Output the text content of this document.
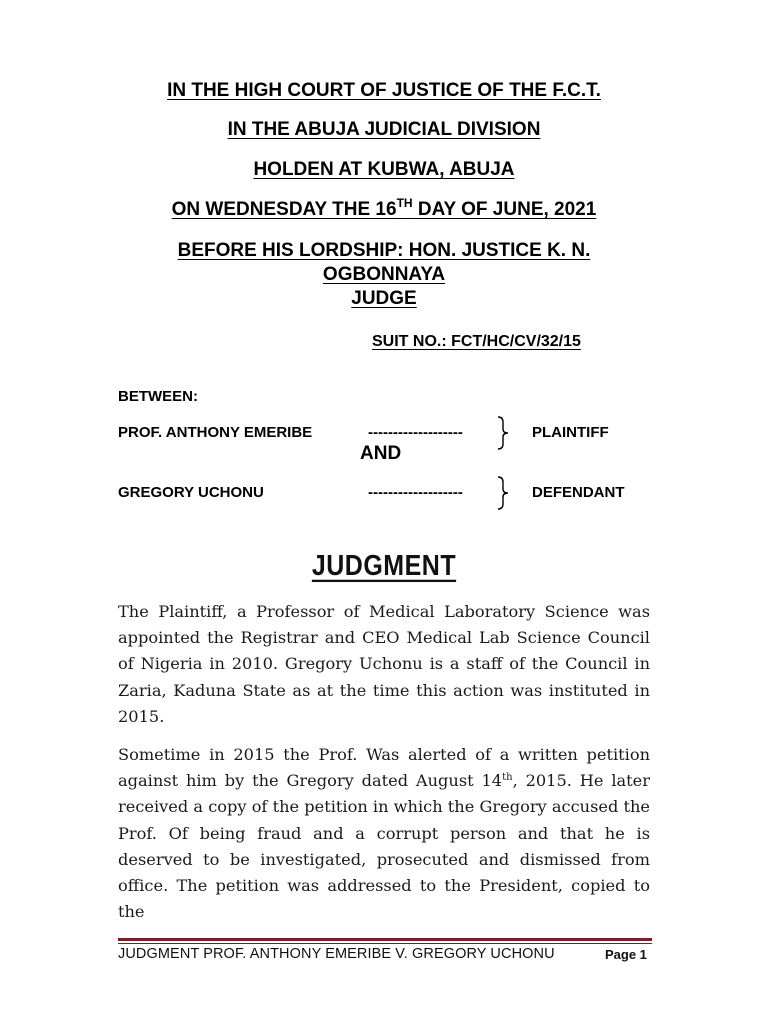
IN THE HIGH COURT OF JUSTICE OF THE F.C.T.
IN THE ABUJA JUDICIAL DIVISION
HOLDEN AT KUBWA, ABUJA
ON WEDNESDAY THE 16TH DAY OF JUNE, 2021
BEFORE HIS LORDSHIP: HON. JUSTICE K. N.
OGBONNAYA
JUDGE
SUIT NO.: FCT/HC/CV/32/15
BETWEEN:
PROF. ANTHONY EMERIBE	-------------------	PLAINTIFF
AND
GREGORY UCHONU	-------------------	DEFENDANT
JUDGMENT

The Plaintiff, a Professor of Medical Laboratory Science was appointed the Registrar and CEO Medical Lab Science Council of Nigeria in 2010. Gregory Uchonu is a staff of the Council in Zaria, Kaduna State as at the time this action was instituted in 2015.

Sometime in 2015 the Prof. Was alerted of a written petition against him by the Gregory dated August 14th, 2015. He later received a copy of the petition in which the Gregory accused the Prof. Of being fraud and a corrupt person and that he is deserved to be investigated, prosecuted and dismissed from office. The petition was addressed to the President, copied to the

JUDGMENT PROF. ANTHONY EMERIBE V. GREGORY UCHONU	Page 1
